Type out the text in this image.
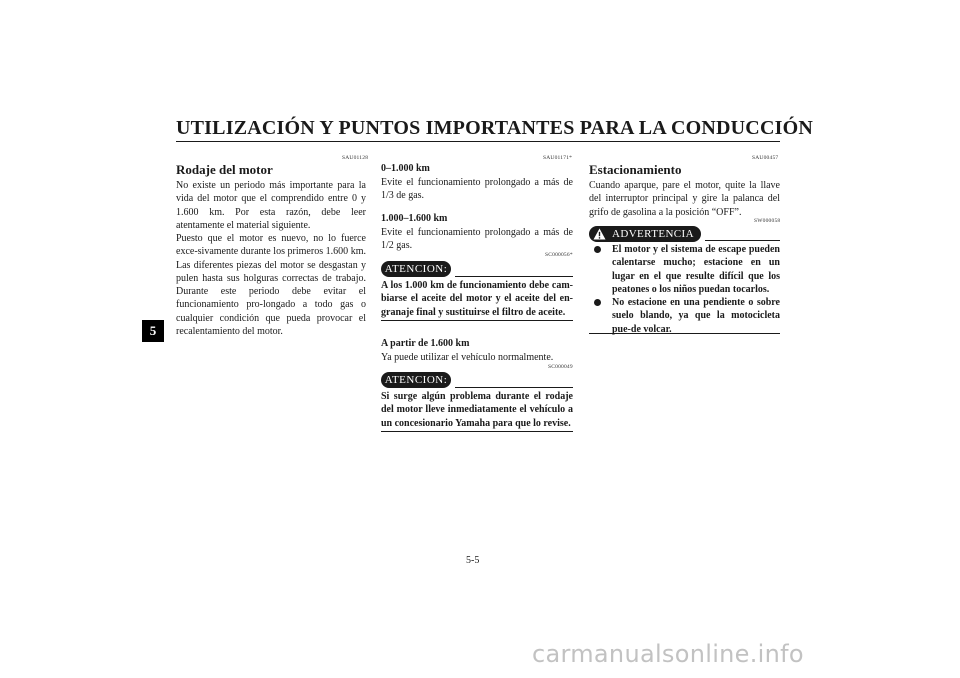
UTILIZACIÓN Y PUNTOS IMPORTANTES PARA LA CONDUCCIÓN
5
SAU01128
Rodaje del motor

No existe un periodo más importante para la vida del motor que el comprendido entre 0 y 1.600 km. Por esta razón, debe leer atentamente el material siguiente.

Puesto que el motor es nuevo, no lo fuerce exce-sivamente durante los primeros 1.600 km. Las diferentes piezas del motor se desgastan y pulen hasta sus holguras correctas de trabajo. Durante este periodo debe evitar el funcionamiento pro-longado a todo gas o cualquier condición que pueda provocar el recalentamiento del motor.

SAU01171*
0–1.000 km

Evite el funcionamiento prolongado a más de 1/3 de gas.

1.000–1.600 km

Evite el funcionamiento prolongado a más de 1/2 gas.

SC000056*
ATENCION:

A los 1.000 km de funcionamiento debe cam-biarse el aceite del motor y el aceite del en-granaje final y sustituirse el filtro de aceite.

A partir de 1.600 km

Ya puede utilizar el vehículo normalmente.

SC000049
ATENCION:

Si surge algún problema durante el rodaje del motor lleve inmediatamente el vehículo a un concesionario Yamaha para que lo revise.

SAU00457
Estacionamiento

Cuando aparque, pare el motor, quite la llave del interruptor principal y gire la palanca del grifo de gasolina a la posición “OFF”.

SW000058
ADVERTENCIA
El motor y el sistema de escape pueden calentarse mucho; estacione en un lugar en el que resulte difícil que los peatones o los niños puedan tocarlos.
No estacione en una pendiente o sobre suelo blando, ya que la motocicleta pue-de volcar.
5-5
carmanualsonline.info
